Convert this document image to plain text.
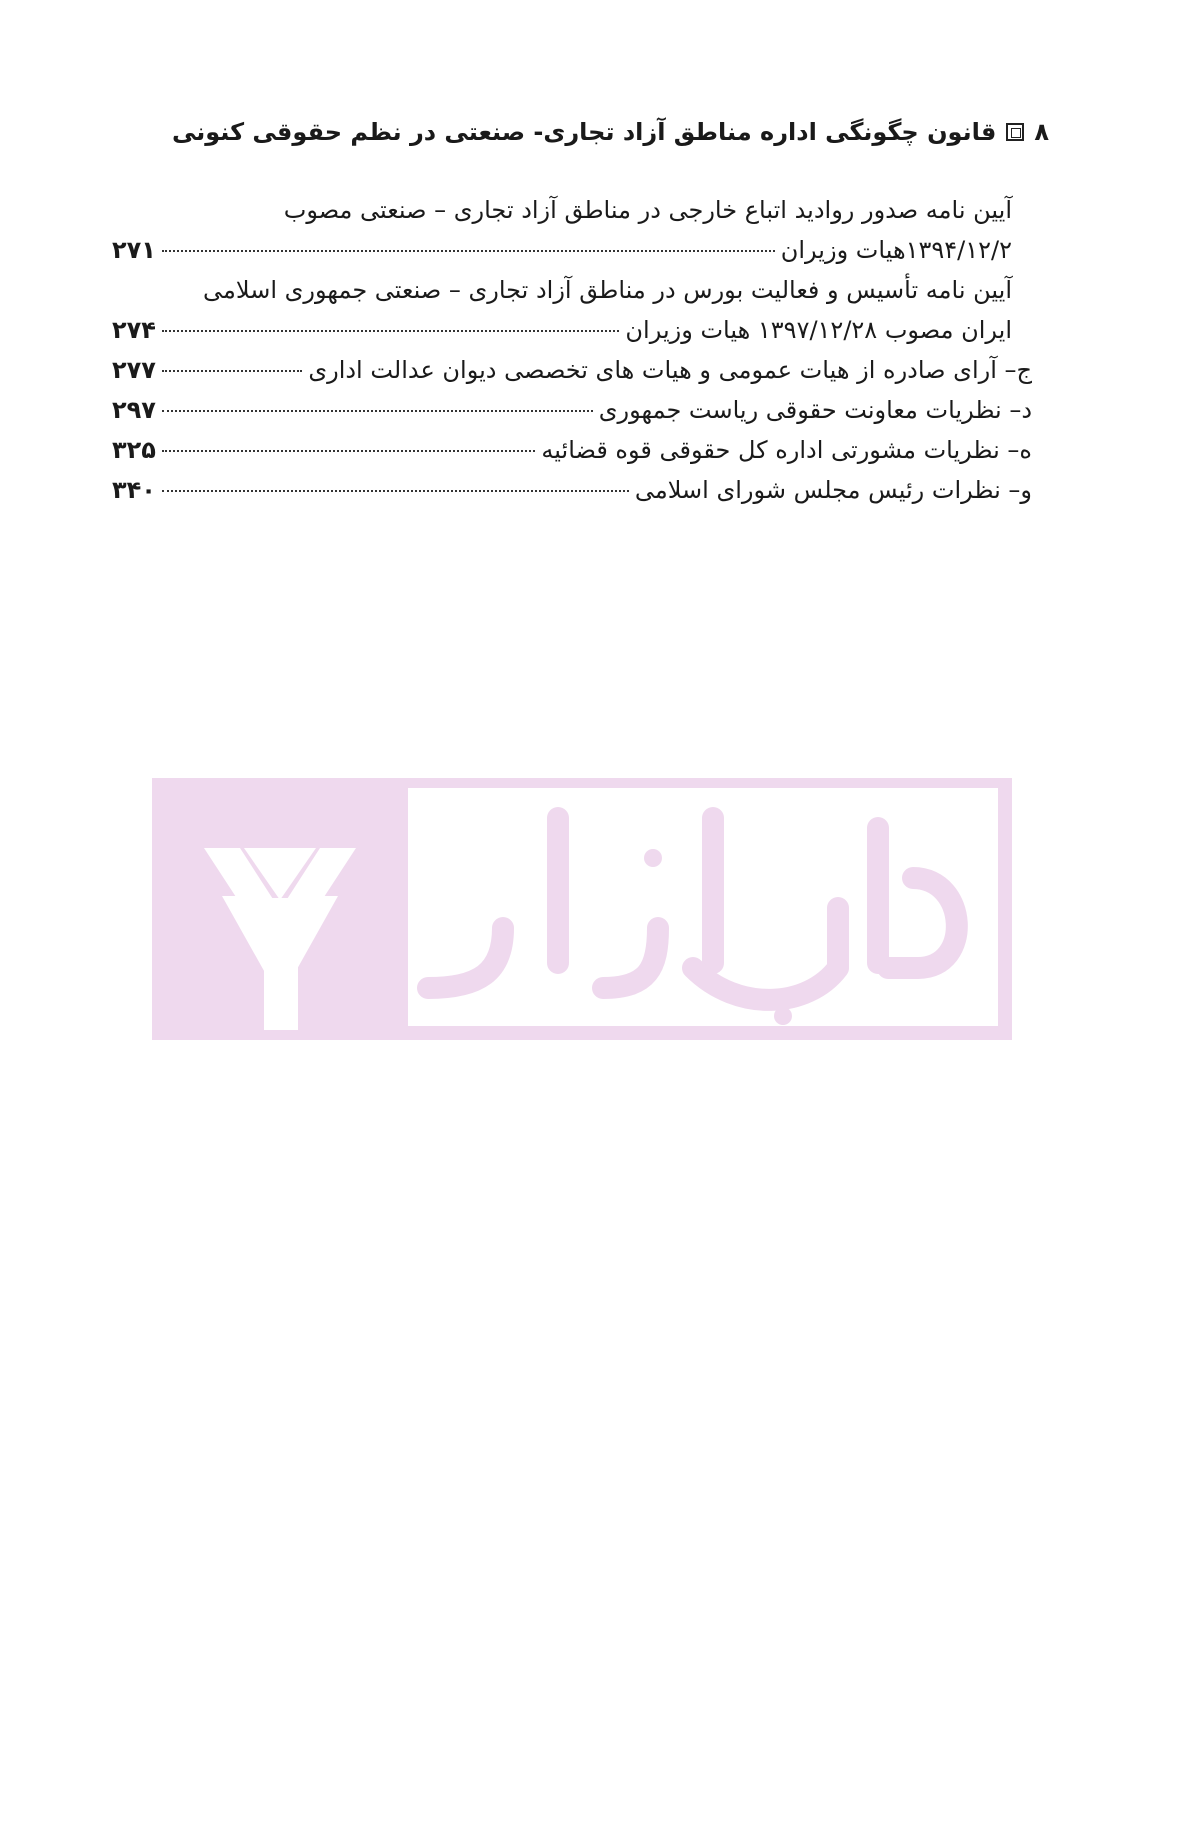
۸
قانون چگونگی اداره مناطق آزاد تجاری- صنعتی در نظم حقوقی کنونی
آیین نامه صدور روادید اتباع خارجی در مناطق آزاد تجاری – صنعتی مصوب
۱۳۹۴/۱۲/۲هیات وزیران
۲۷۱
آیین نامه تأسیس و فعالیت بورس در مناطق آزاد تجاری – صنعتی جمهوری اسلامی
ایران مصوب ۱۳۹۷/۱۲/۲۸ هیات وزیران
۲۷۴
ج– آرای صادره از هیات عمومی و هیات های تخصصی دیوان عدالت اداری
۲۷۷
د– نظریات معاونت حقوقی ریاست جمهوری
۲۹۷
ه– نظریات مشورتی اداره کل حقوقی قوه قضائیه
۳۲۵
و– نظرات رئیس مجلس شورای اسلامی
۳۴۰
